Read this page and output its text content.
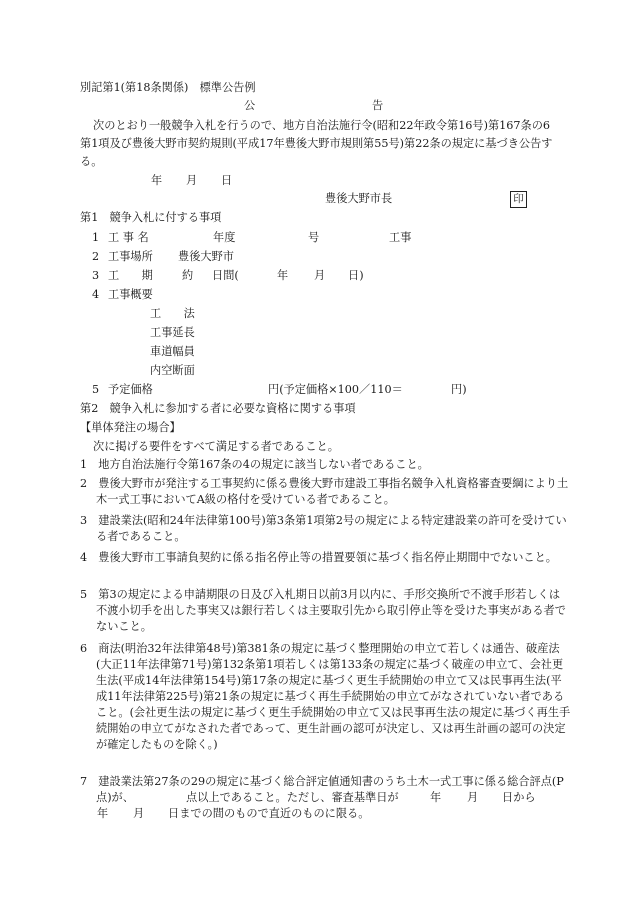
別記第1(第18条関係)　標準公告例
公	告
次のとおり一般競争入札を行うので、地方自治法施行令(昭和22年政令第16号)第167条の6第1項及び豊後大野市契約規則(平成17年豊後大野市規則第55号)第22条の規定に基づき公告する。
年 月 日
豊後大野市長	印
第1　競争入札に付する事項
1 工 事 名	年度	号	工事
2 工事場所 豊後大野市
3 工　　期	約 日間(	年 月 日)
4 工事概要
工　　法
工事延長
車道幅員
内空断面
5 予定価格	円(予定価格×100／110＝	円)
第2　競争入札に参加する者に必要な資格に関する事項
【単体発注の場合】
次に掲げる要件をすべて満足する者であること。
1　地方自治法施行令第167条の4の規定に該当しない者であること。
2　豊後大野市が発注する工事契約に係る豊後大野市建設工事指名競争入札資格審査要綱により土木一式工事においてA級の格付を受けている者であること。
3　建設業法(昭和24年法律第100号)第3条第1項第2号の規定による特定建設業の許可を受けている者であること。
4　豊後大野市工事請負契約に係る指名停止等の措置要領に基づく指名停止期間中でないこと。
5　第3の規定による申請期限の日及び入札期日以前3月以内に、手形交換所で不渡手形若しくは不渡小切手を出した事実又は銀行若しくは主要取引先から取引停止等を受けた事実がある者でないこと。
6　商法(明治32年法律第48号)第381条の規定に基づく整理開始の申立て若しくは通告、破産法(大正11年法律第71号)第132条第1項若しくは第133条の規定に基づく破産の申立て、会社更生法(平成14年法律第154号)第17条の規定に基づく更生手続開始の申立て又は民事再生法(平成11年法律第225号)第21条の規定に基づく再生手続開始の申立てがなされていない者であること。(会社更生法の規定に基づく更生手続開始の申立て又は民事再生法の規定に基づく再生手続開始の申立てがなされた者であって、更生計画の認可が決定し、又は再生計画の認可の決定が確定したものを除く。)
7　建設業法第27条の29の規定に基づく総合評定値通知書のうち土木一式工事に係る総合評点(P点)が、	点以上であること。ただし、審査基準日が	年 月 日から
年 月 日までの間のもので直近のものに限る。
